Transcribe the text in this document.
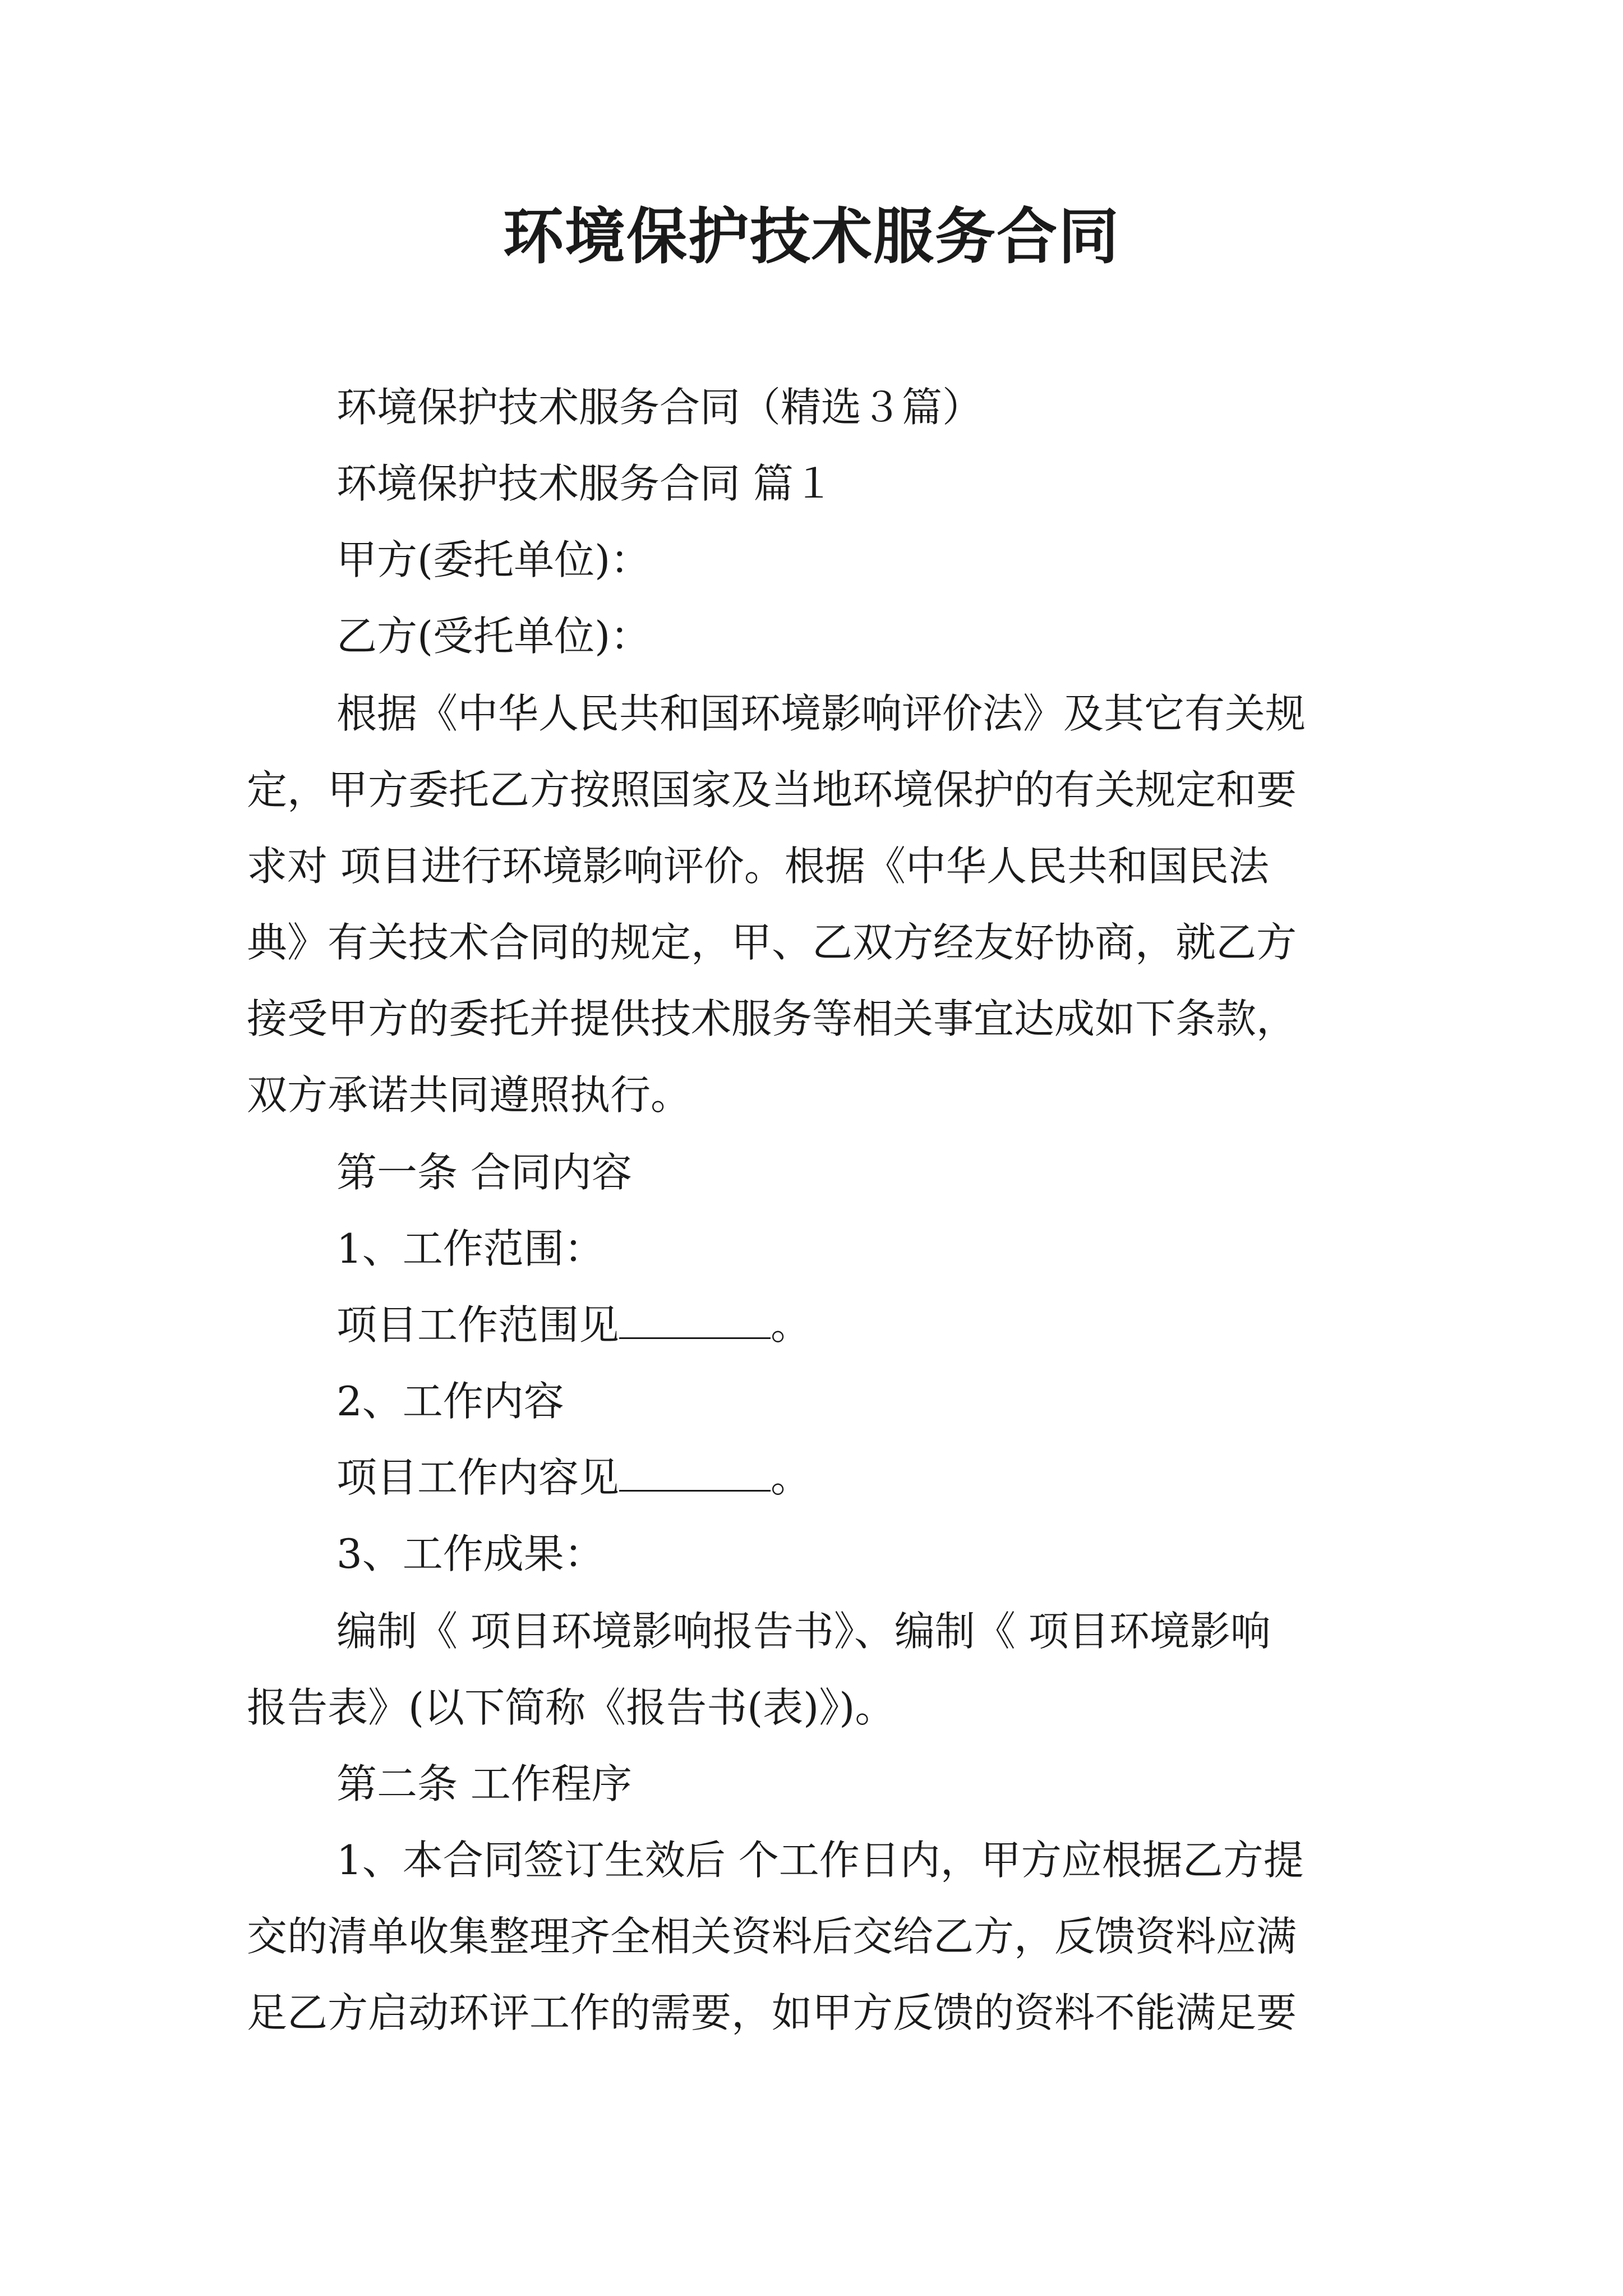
环境保护技术服务合同

环境保护技术服务合同（精选３篇）

环境保护技术服务合同 篇１

甲方(委托单位)：

乙方(受托单位)：

根据《中华人民共和国环境影响评价法》及其它有关规

定，甲方委托乙方按照国家及当地环境保护的有关规定和要

求对 项目进行环境影响评价。根据《中华人民共和国民法

典》有关技术合同的规定，甲、乙双方经友好协商，就乙方

接受甲方的委托并提供技术服务等相关事宜达成如下条款，

双方承诺共同遵照执行。

第一条 合同内容

1、工作范围：

项目工作范围见	。

2、工作内容

项目工作内容见	。

3、工作成果：

编制《 项目环境影响报告书》、编制《 项目环境影响

报告表》(以下简称《报告书(表)》)。

第二条 工作程序

1、本合同签订生效后 个工作日内，甲方应根据乙方提

交的清单收集整理齐全相关资料后交给乙方，反馈资料应满

足乙方启动环评工作的需要，如甲方反馈的资料不能满足要
